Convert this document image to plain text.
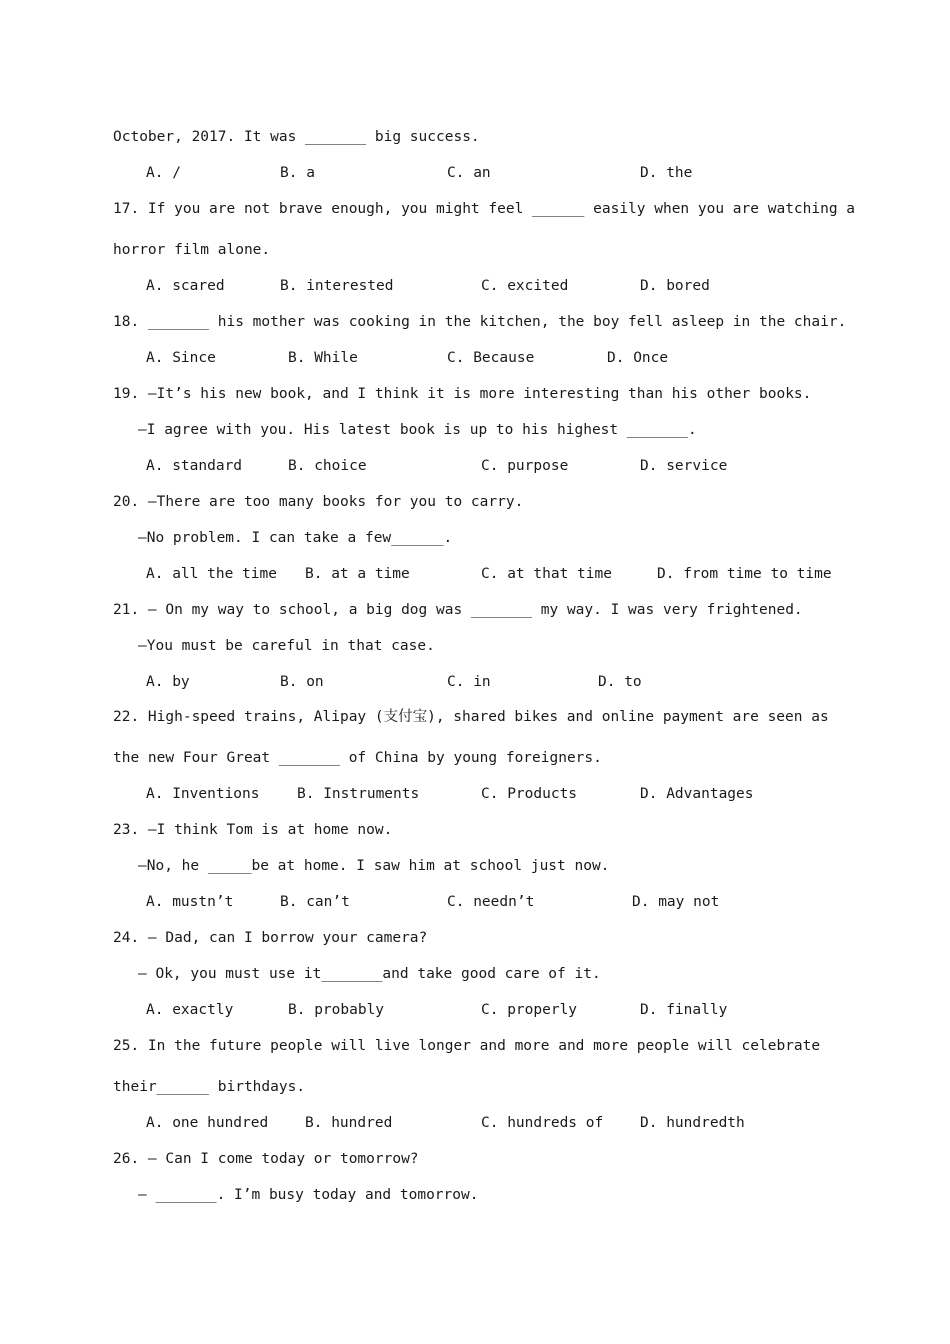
October, 2017. It was _______ big success.
A. /	B. a	C. an	D. the
17. If you are not brave enough, you might feel ______ easily when you are watching a
horror film alone.
A. scared	B. interested	C. excited	D. bored
18. _______ his mother was cooking in the kitchen, the boy fell asleep in the chair.
A. Since	B. While	C. Because	D. Once
19. —It’s his new book, and I think it is more interesting than his other books.
—I agree with you. His latest book is up to his highest _______.
A. standard	B. choice	C. purpose	D. service
20. —There are too many books for you to carry.
—No problem. I can take a few______.
A. all the time B. at a time	C. at that time	D. from time to time
21. — On my way to school, a big dog was _______ my way. I was very frightened.
—You must be careful in that case.
A. by	B. on	C. in	D. to
22. High-speed trains, Alipay (支付宝), shared bikes and online payment are seen as
the new Four Great _______ of China by young foreigners.
A. Inventions	B. Instruments	C. Products	D. Advantages
23. —I think Tom is at home now.
—No, he _____be at home. I saw him at school just now.
A. mustn’t	B. can’t	C. needn’t	D. may not
24. — Dad, can I borrow your camera?
— Ok, you must use it_______and take good care of it.
A. exactly	B. probably	C. properly	D. finally
25. In the future people will live longer and more and more people will celebrate
their______ birthdays.
A. one hundred	B. hundred	C. hundreds of	D. hundredth
26. — Can I come today or tomorrow?
— _______. I’m busy today and tomorrow.
